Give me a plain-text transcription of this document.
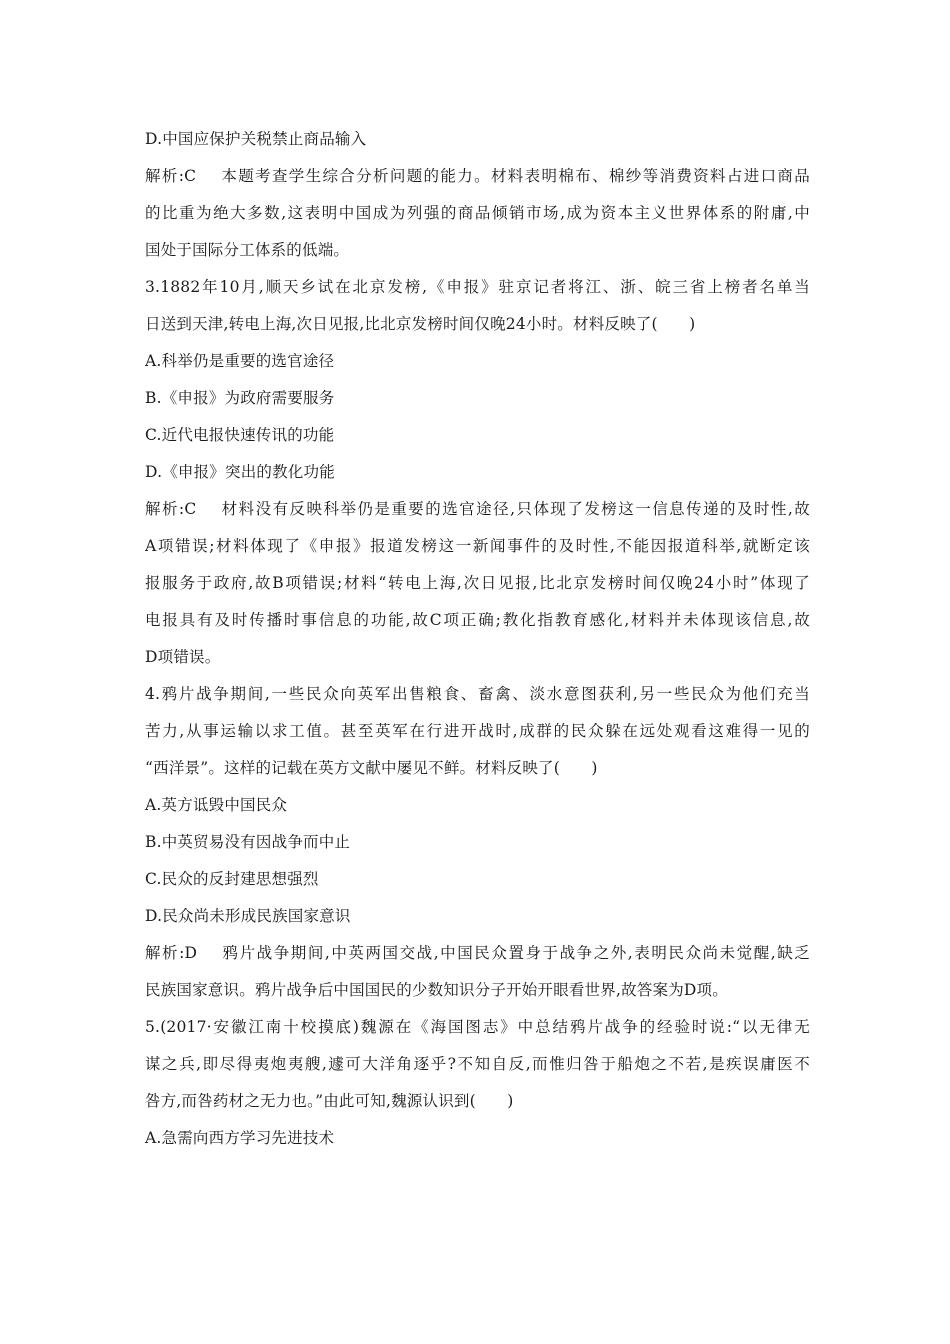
D.中国应保护关税禁止商品输入
解析:C 本题考查学生综合分析问题的能力。材料表明棉布、棉纱等消费资料占进口商品
的比重为绝大多数,这表明中国成为列强的商品倾销市场,成为资本主义世界体系的附庸,中
国处于国际分工体系的低端。
3.1882年10月,顺天乡试在北京发榜,《申报》驻京记者将江、浙、皖三省上榜者名单当
日送到天津,转电上海,次日见报,比北京发榜时间仅晚24小时。材料反映了(　　)
A.科举仍是重要的选官途径
B.《申报》为政府需要服务
C.近代电报快速传讯的功能
D.《申报》突出的教化功能
解析:C 材料没有反映科举仍是重要的选官途径,只体现了发榜这一信息传递的及时性,故
A项错误;材料体现了《申报》报道发榜这一新闻事件的及时性,不能因报道科举,就断定该
报服务于政府,故B项错误;材料“转电上海,次日见报,比北京发榜时间仅晚24小时”体现了
电报具有及时传播时事信息的功能,故C项正确;教化指教育感化,材料并未体现该信息,故
D项错误。
4.鸦片战争期间,一些民众向英军出售粮食、畜禽、淡水意图获利,另一些民众为他们充当
苦力,从事运输以求工值。甚至英军在行进开战时,成群的民众躲在远处观看这难得一见的
“西洋景”。这样的记载在英方文献中屡见不鲜。材料反映了(　　)
A.英方诋毁中国民众
B.中英贸易没有因战争而中止
C.民众的反封建思想强烈
D.民众尚未形成民族国家意识
解析:D 鸦片战争期间,中英两国交战,中国民众置身于战争之外,表明民众尚未觉醒,缺乏
民族国家意识。鸦片战争后中国国民的少数知识分子开始开眼看世界,故答案为D项。
5.(2017·安徽江南十校摸底)魏源在《海国图志》中总结鸦片战争的经验时说:“以无律无
谋之兵,即尽得夷炮夷艘,遽可大洋角逐乎?不知自反,而惟归咎于船炮之不若,是疾误庸医不
咎方,而咎药材之无力也。”由此可知,魏源认识到(　　)
A.急需向西方学习先进技术
